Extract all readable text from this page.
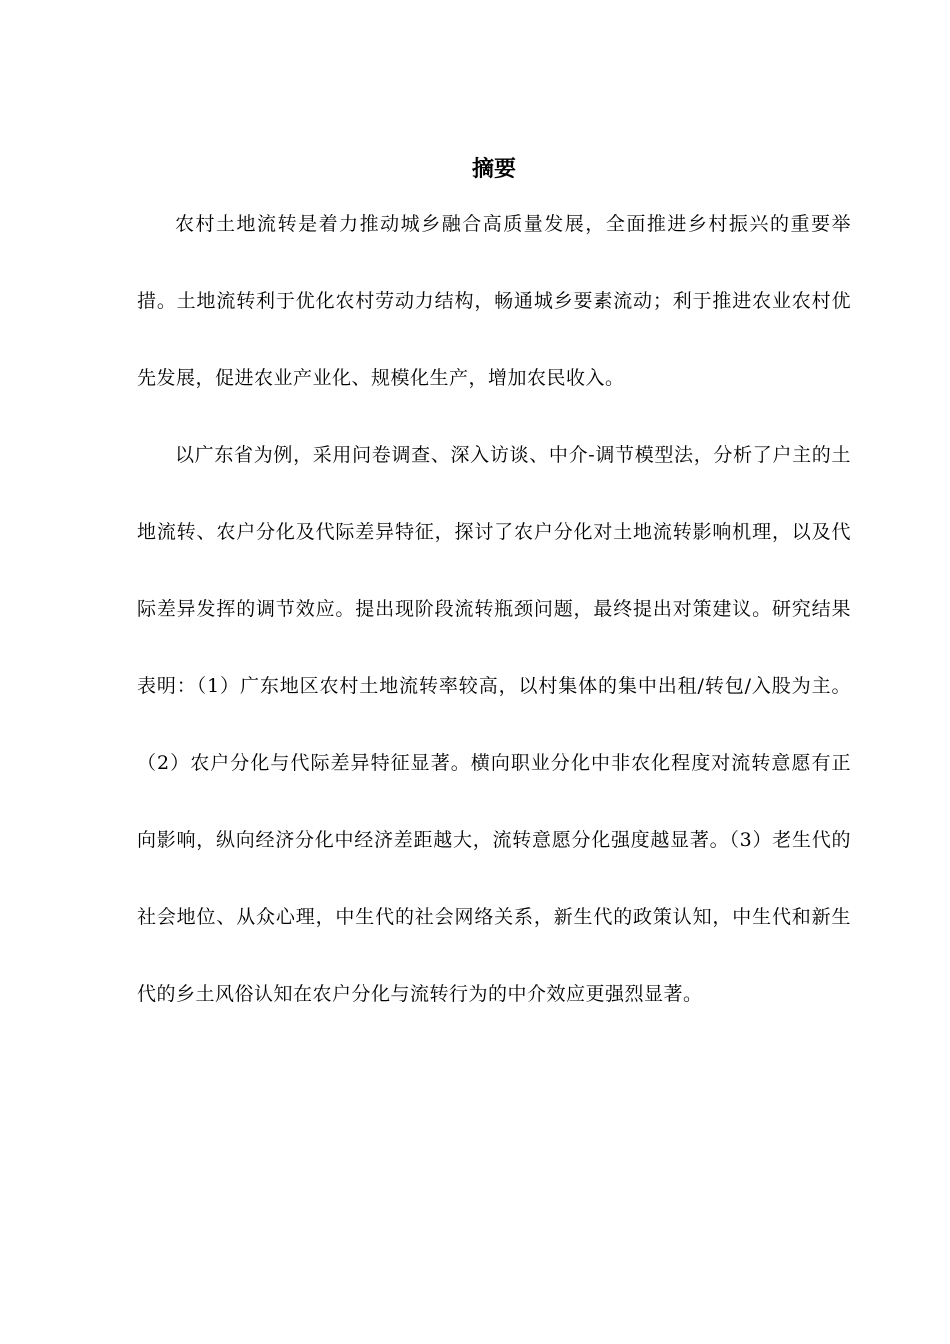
摘要

农村土地流转是着力推动城乡融合高质量发展，全面推进乡村振兴的重要举措。土地流转利于优化农村劳动力结构，畅通城乡要素流动；利于推进农业农村优先发展，促进农业产业化、规模化生产，增加农民收入。

以广东省为例，采用问卷调查、深入访谈、中介-调节模型法，分析了户主的土地流转、农户分化及代际差异特征，探讨了农户分化对土地流转影响机理，以及代际差异发挥的调节效应。提出现阶段流转瓶颈问题，最终提出对策建议。研究结果表明：（1）广东地区农村土地流转率较高，以村集体的集中出租/转包/入股为主。（2）农户分化与代际差异特征显著。横向职业分化中非农化程度对流转意愿有正向影响，纵向经济分化中经济差距越大，流转意愿分化强度越显著。（3）老生代的社会地位、从众心理，中生代的社会网络关系，新生代的政策认知，中生代和新生代的乡土风俗认知在农户分化与流转行为的中介效应更强烈显著。
